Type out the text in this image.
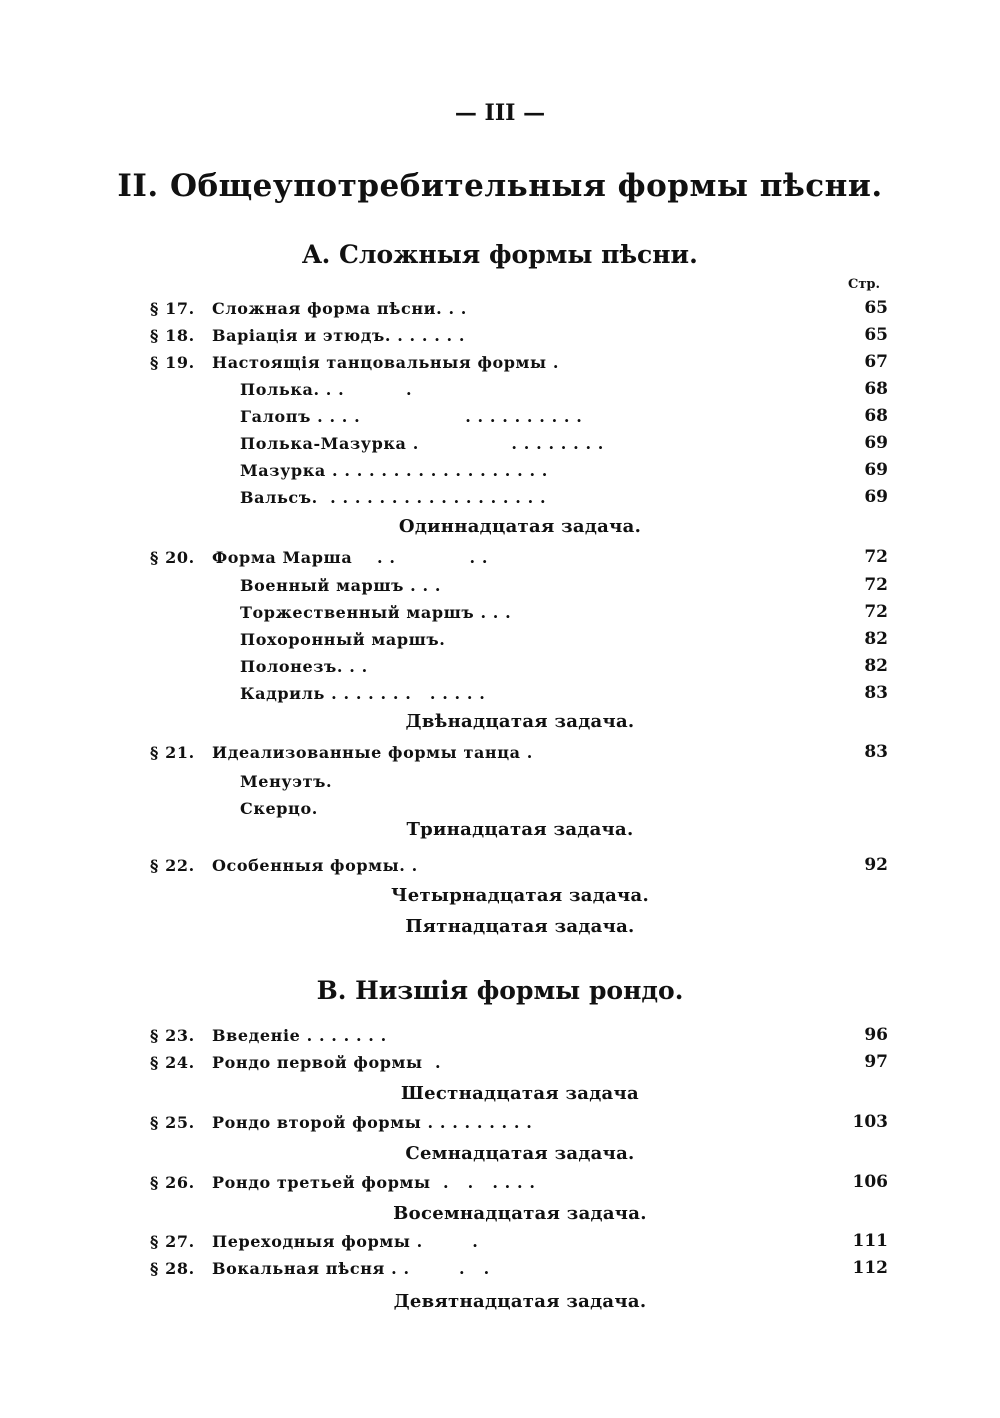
— III —
II. Общеупотребительныя формы пѣсни.
A. Сложныя формы пѣсни.
Стр.
§ 17. Сложная форма пѣсни. . .	65
§ 18. Варіація и этюдъ. . . . . . .	65
§ 19. Настоящія танцовальныя формы .	67
Полька. . .          .	68
Галопъ . . . .                 . . . . . . . . . .	68
Полька-Мазурка .               . . . . . . . .	69
Мазурка . . . . . . . . . . . . . . . . . .	69
Вальсъ.  . . . . . . . . . . . . . . . . . .	69
Одиннадцатая задача.
§ 20. Форма Марша    . .            . .	72
Военный маршъ . . .	72
Торжественный маршъ . . .	72
Похоронный маршъ.	82
Полонезъ. . .	82
Кадриль . . . . . . .   . . . . .	83
Двѣнадцатая задача.
§ 21. Идеализованные формы танца .	83
Менуэтъ.
Скерцо.
Тринадцатая задача.
§ 22. Особенныя формы. .	92
Четырнадцатая задача.
Пятнадцатая задача.
B. Низшія формы рондо.
§ 23. Введеніе . . . . . . .	96
§ 24. Рондо первой формы  .	97
Шестнадцатая задача
§ 25. Рондо второй формы . . . . . . . . .	103
Семнадцатая задача.
§ 26. Рондо третьей формы  .   .   . . . .	106
Восемнадцатая задача.
§ 27. Переходныя формы .        .	111
§ 28. Вокальная пѣсня . .        .   .	112
Девятнадцатая задача.
